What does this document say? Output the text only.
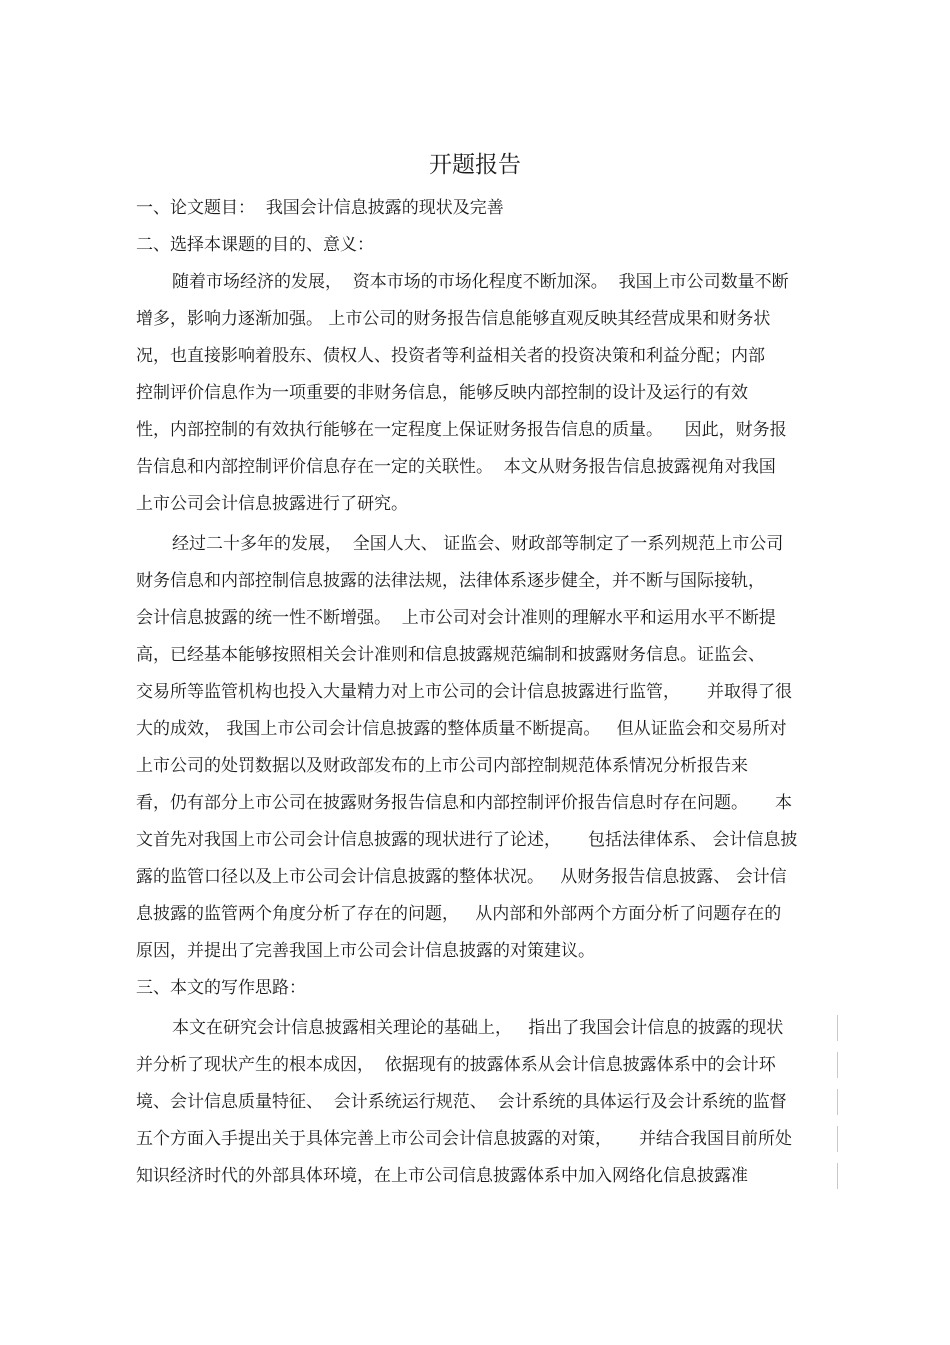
开题报告
一、论文题目： 我国会计信息披露的现状及完善
二、选择本课题的目的、意义：
随着市场经济的发展，  资本市场的市场化程度不断加深。  我国上市公司数量不断
增多，影响力逐渐加强。 上市公司的财务报告信息能够直观反映其经营成果和财务状
况，也直接影响着股东、债权人、投资者等利益相关者的投资决策和利益分配；内部
控制评价信息作为一项重要的非财务信息，能够反映内部控制的设计及运行的有效
性，内部控制的有效执行能够在一定程度上保证财务报告信息的质量。    因此，财务报
告信息和内部控制评价信息存在一定的关联性。  本文从财务报告信息披露视角对我国
上市公司会计信息披露进行了研究。
经过二十多年的发展，  全国人大、 证监会、财政部等制定了一系列规范上市公司
财务信息和内部控制信息披露的法律法规，法律体系逐步健全，并不断与国际接轨，
会计信息披露的统一性不断增强。  上市公司对会计准则的理解水平和运用水平不断提
高，已经基本能够按照相关会计准则和信息披露规范编制和披露财务信息。证监会、
交易所等监管机构也投入大量精力对上市公司的会计信息披露进行监管，     并取得了很
大的成效， 我国上市公司会计信息披露的整体质量不断提高。   但从证监会和交易所对
上市公司的处罚数据以及财政部发布的上市公司内部控制规范体系情况分析报告来
看，仍有部分上市公司在披露财务报告信息和内部控制评价报告信息时存在问题。     本
文首先对我国上市公司会计信息披露的现状进行了论述，     包括法律体系、 会计信息披
露的监管口径以及上市公司会计信息披露的整体状况。   从财务报告信息披露、 会计信
息披露的监管两个角度分析了存在的问题，   从内部和外部两个方面分析了问题存在的
原因，并提出了完善我国上市公司会计信息披露的对策建议。
三、本文的写作思路：
本文在研究会计信息披露相关理论的基础上，   指出了我国会计信息的披露的现状
并分析了现状产生的根本成因，  依据现有的披露体系从会计信息披露体系中的会计环
境、会计信息质量特征、  会计系统运行规范、  会计系统的具体运行及会计系统的监督
五个方面入手提出关于具体完善上市公司会计信息披露的对策，     并结合我国目前所处
知识经济时代的外部具体环境，在上市公司信息披露体系中加入网络化信息披露准
